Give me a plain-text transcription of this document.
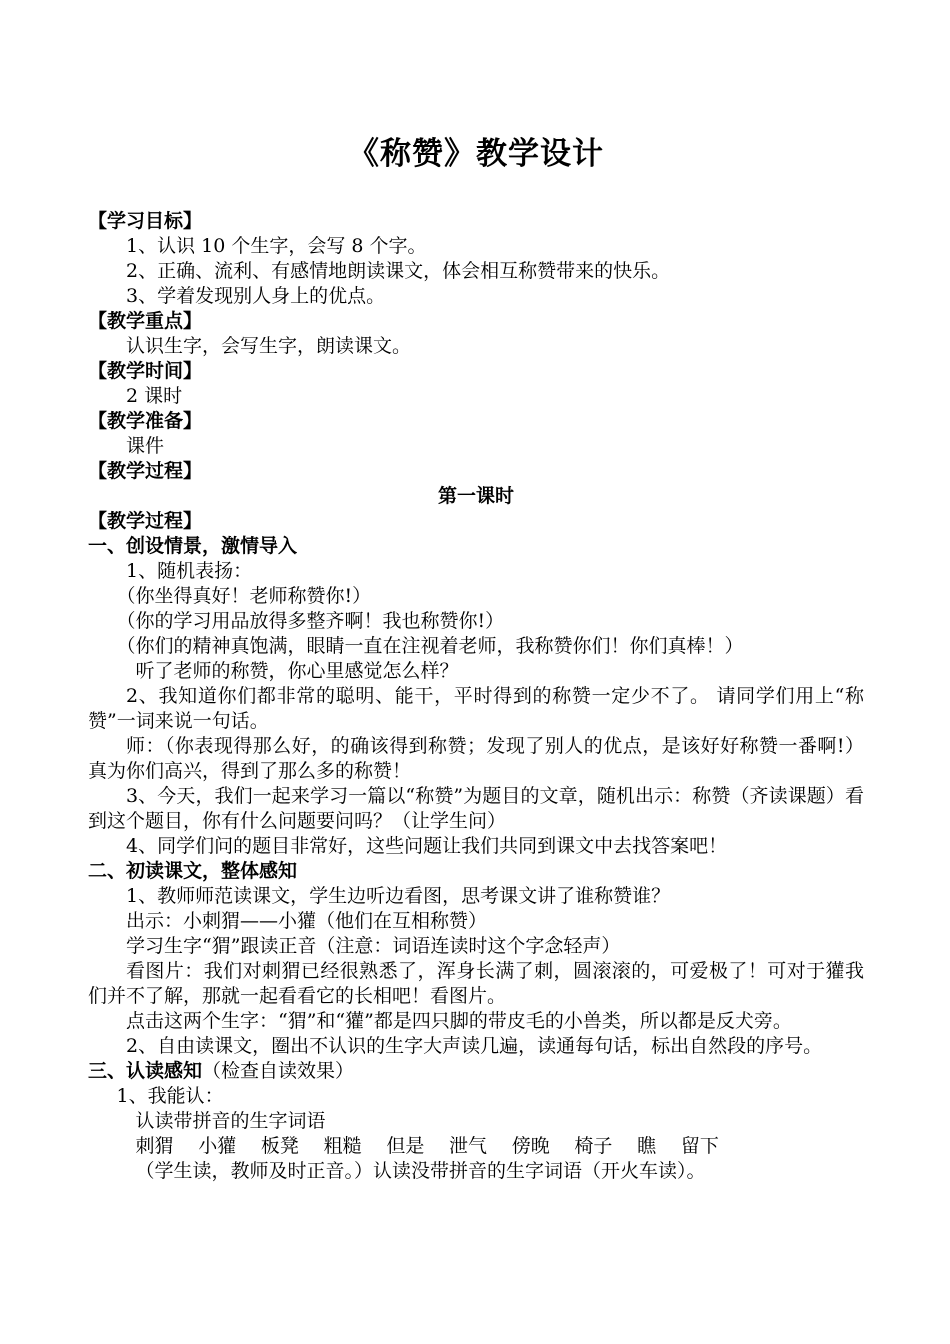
《称赞》教学设计

【学习目标】

1、认识 10 个生字，会写 8 个字。

2、正确、流利、有感情地朗读课文，体会相互称赞带来的快乐。

3、学着发现别人身上的优点。

【教学重点】

认识生字，会写生字，朗读课文。

【教学时间】

2 课时

【教学准备】

课件

【教学过程】

第一课时

【教学过程】

一、创设情景，激情导入

1、随机表扬：

（你坐得真好！老师称赞你!）

（你的学习用品放得多整齐啊！我也称赞你!）

（你们的精神真饱满，眼睛一直在注视着老师，我称赞你们！你们真棒！）

听了老师的称赞，你心里感觉怎么样？

2、我知道你们都非常的聪明、能干，平时得到的称赞一定少不了。 请同学们用上“称赞”一词来说一句话。

师：（你表现得那么好，的确该得到称赞；发现了别人的优点，是该好好称赞一番啊!）真为你们高兴，得到了那么多的称赞！

3、今天，我们一起来学习一篇以“称赞”为题目的文章，随机出示：称赞（齐读课题）看到这个题目，你有什么问题要问吗？（让学生问）

4、同学们问的题目非常好，这些问题让我们共同到课文中去找答案吧！

二、初读课文，整体感知

1、教师师范读课文，学生边听边看图，思考课文讲了谁称赞谁？

出示：小刺猬——小獾（他们在互相称赞）

学习生字“猬”跟读正音（注意：词语连读时这个字念轻声）

看图片：我们对刺猬已经很熟悉了，浑身长满了刺，圆滚滚的，可爱极了！可对于獾我们并不了解，那就一起看看它的长相吧！看图片。

点击这两个生字：“猬”和“獾”都是四只脚的带皮毛的小兽类，所以都是反犬旁。

2、自由读课文，圈出不认识的生字大声读几遍，读通每句话，标出自然段的序号。

三、认读感知（检查自读效果）

1、我能认：

认读带拼音的生字词语

刺猬 小獾 板凳 粗糙 但是 泄气 傍晚 椅子 瞧 留下

（学生读，教师及时正音。）认读没带拼音的生字词语（开火车读）。
